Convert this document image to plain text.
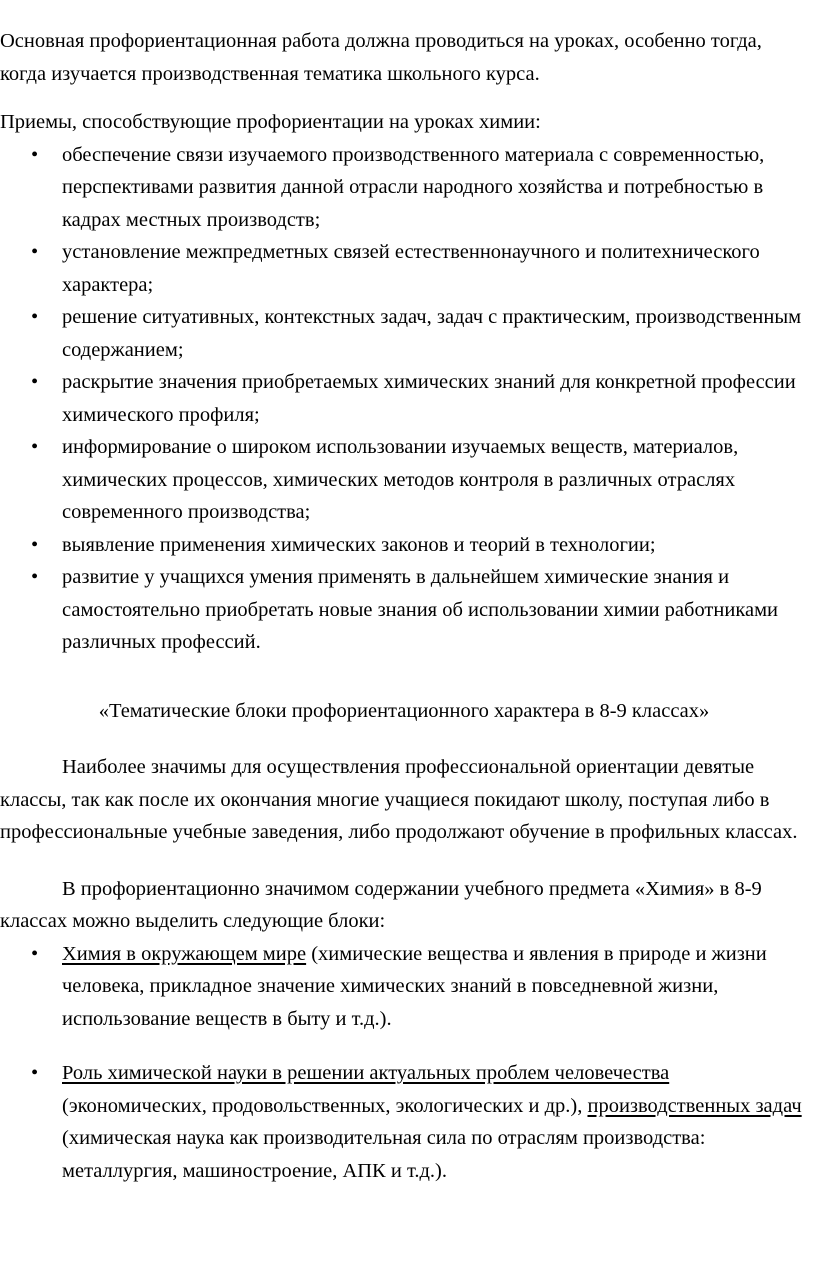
Основная профориентационная работа должна проводиться на уроках, особенно тогда, когда изучается производственная тематика школьного курса.

Приемы, способствующие профориентации на уроках химии:

•	обеспечение связи изучаемого производственного материала с современностью, перспективами развития данной отрасли народного хозяйства и потребностью в кадрах местных производств;
•	установление межпредметных связей естественнонаучного и политехнического характера;
•	решение ситуативных, контекстных задач, задач с практическим, производственным содержанием;
•	раскрытие значения приобретаемых химических знаний для конкретной профессии химического профиля;
•	информирование о широком использовании изучаемых веществ, материалов, химических процессов, химических методов контроля в различных отраслях современного производства;
•	выявление применения химических законов и теорий в технологии;
•	развитие у учащихся умения применять в дальнейшем химические знания и самостоятельно приобретать новые знания об использовании химии работниками различных профессий.

«Тематические блоки профориентационного характера в 8-9 классах»

Наиболее значимы для осуществления профессиональной ориентации девятые классы, так как после их окончания многие учащиеся покидают школу, поступая либо в профессиональные учебные заведения, либо продолжают обучение в профильных классах.

В профориентационно значимом содержании учебного предмета «Химия» в 8-9 классах можно выделить следующие блоки:

•	Химия в окружающем мире (химические вещества и явления в природе и жизни человека, прикладное значение химических знаний в повседневной жизни, использование веществ в быту и т.д.).
•	Роль химической науки в решении актуальных проблем человечества (экономических, продовольственных, экологических и др.), производственных задач (химическая наука как производительная сила по отраслям производства: металлургия, машиностроение, АПК и т.д.).
